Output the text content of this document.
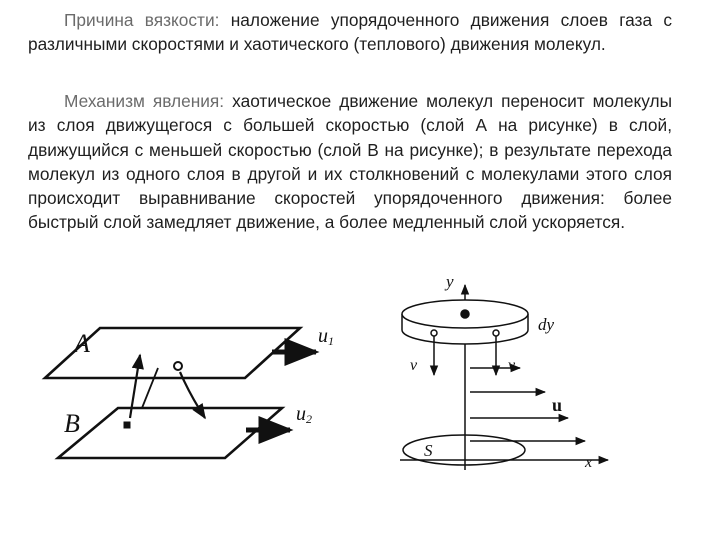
Причина вязкости: наложение упорядоченного движения слоев газа с различными скоростями и хаотического (теплового) движения молекул.

Механизм явления: хаотическое движение молекул переносит молекулы из слоя движущегося с большей скоростью (слой А на рисунке) в слой, движущийся с меньшей скоростью (слой В на рисунке); в результате перехода молекул из одного слоя в другой и их столкновений с молекулами этого слоя происходит выравнивание скоростей упорядоченного движения: более быстрый слой замедляет движение, а более медленный слой ускоряется.

A
B
u1
u2
y
dy
v	v
u
S
x
